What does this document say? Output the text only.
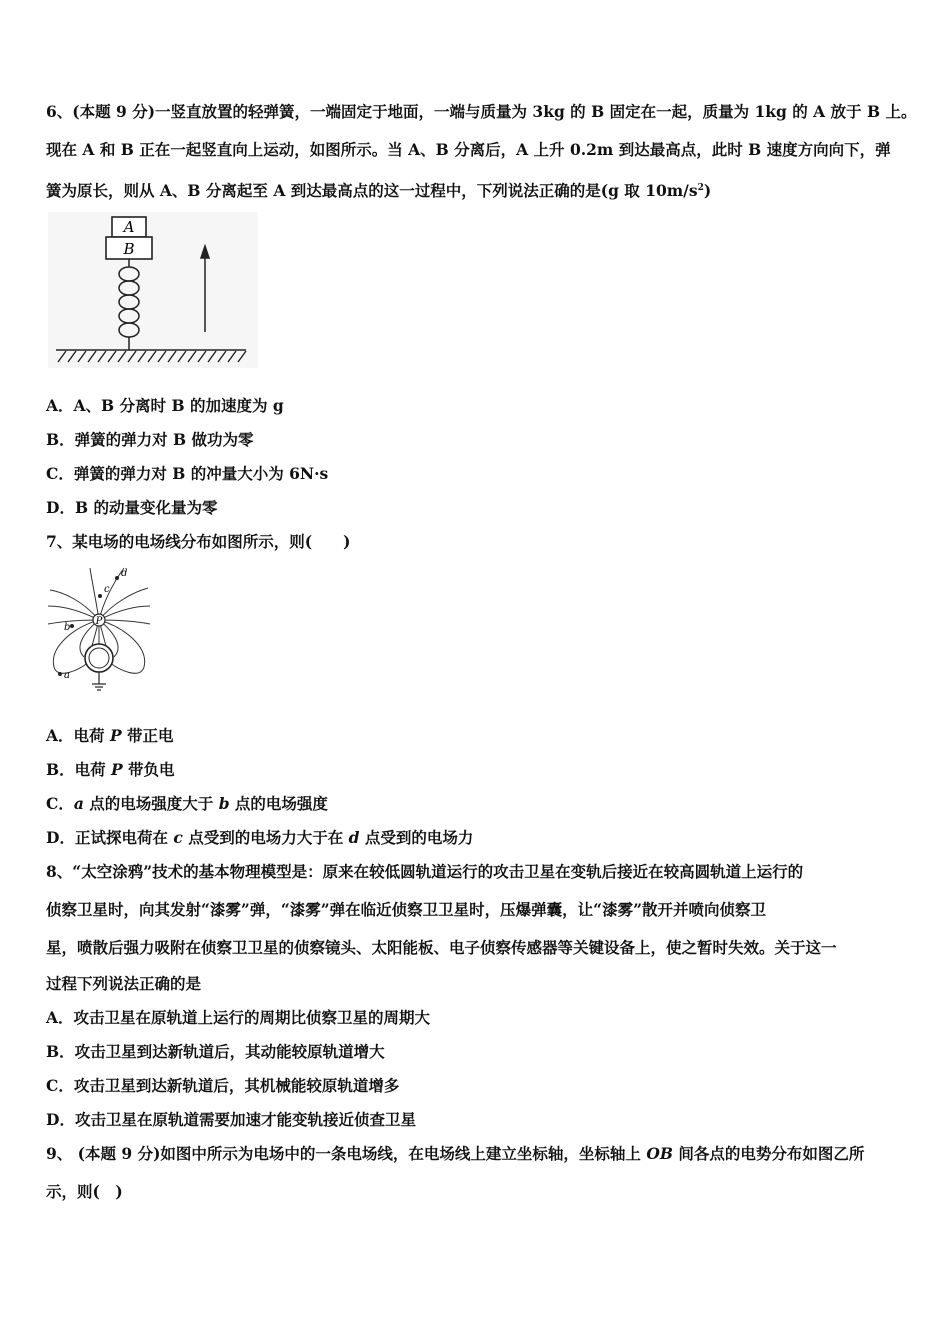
6、(本题 9 分)一竖直放置的轻弹簧，一端固定于地面，一端与质量为 3kg 的 B 固定在一起，质量为 1kg 的 A 放于 B 上。
现在 A 和 B 正在一起竖直向上运动，如图所示。当 A、B 分离后，A 上升 0.2m 到达最高点，此时 B 速度方向向下，弹
簧为原长，则从 A、B 分离起至 A 到达最高点的这一过程中，下列说法正确的是(g 取 $10m/s^2$)
A
B
A．A、B 分离时 B 的加速度为 g
B．弹簧的弹力对 B 做功为零
C．弹簧的弹力对 B 的冲量大小为 6N·s
D．B 的动量变化量为零
7、某电场的电场线分布如图所示，则(　　)
P
a
b
c
d
A．电荷 P 带正电
B．电荷 P 带负电
C．a 点的电场强度大于 b 点的电场强度
D．正试探电荷在 c 点受到的电场力大于在 d 点受到的电场力
8、“太空涂鸦”技术的基本物理模型是：原来在较低圆轨道运行的攻击卫星在变轨后接近在较高圆轨道上运行的
侦察卫星时，向其发射“漆雾”弹，“漆雾”弹在临近侦察卫卫星时，压爆弹囊，让“漆雾”散开并喷向侦察卫
星，喷散后强力吸附在侦察卫卫星的侦察镜头、太阳能板、电子侦察传感器等关键设备上，使之暂时失效。关于这一
过程下列说法正确的是
A．攻击卫星在原轨道上运行的周期比侦察卫星的周期大
B．攻击卫星到达新轨道后，其动能较原轨道增大
C．攻击卫星到达新轨道后，其机械能较原轨道增多
D．攻击卫星在原轨道需要加速才能变轨接近侦查卫星
9、 (本题 9 分)如图中所示为电场中的一条电场线，在电场线上建立坐标轴，坐标轴上 OB 间各点的电势分布如图乙所
示，则(　)
